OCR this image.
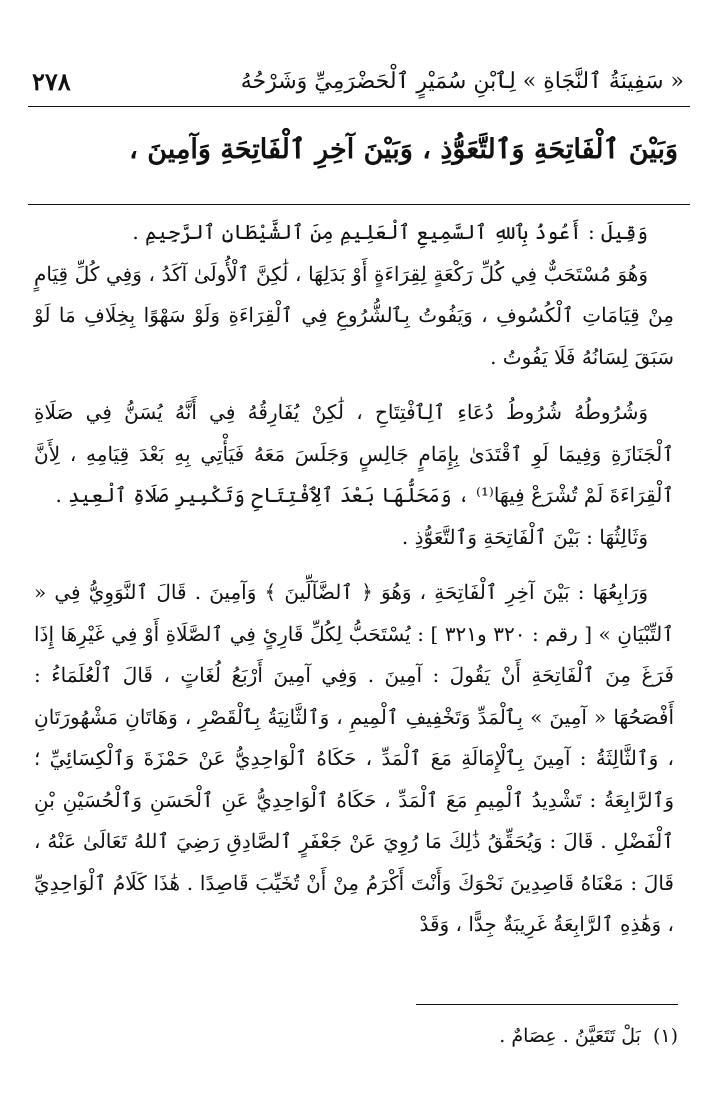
٢٧٨	« سَفِينَةُ ٱلنَّجَاةِ » لِٱبْنِ سُمَيْرٍ ٱلْحَضْرَمِيِّ وَشَرْحُهُ
وَبَيْنَ ٱلْفَاتِحَةِ وَٱلتَّعَوُّذِ ، وَبَيْنَ آخِرِ ٱلْفَاتِحَةِ وَآمِينَ ،

وَقِيلَ : أَعُوذُ بِٱللهِ ٱلسَّمِيعِ ٱلْعَلِيمِ مِنَ ٱلشَّيْطَانِ ٱلرَّجِيمِ .

وَهُوَ مُسْتَحَبٌّ فِي كُلِّ رَكْعَةٍ لِقِرَاءَةٍ أَوْ بَدَلِهَا ، لَٰكِنَّ ٱلْأُولَىٰ آكَدُ ، وَفِي كُلِّ قِيَامٍ مِنْ قِيَامَاتِ ٱلْكُسُوفِ ، وَيَفُوتُ بِٱلشُّرُوعِ فِي ٱلْقِرَاءَةِ وَلَوْ سَهْوًا بِخِلَافِ مَا لَوْ سَبَقَ لِسَانُهُ فَلَا يَفُوتُ .

وَشُرُوطُهُ شُرُوطُ دُعَاءِ ٱلِٱفْتِتَاحِ ، لَٰكِنْ يُفَارِقُهُ فِي أَنَّهُ يُسَنُّ فِي صَلَاةِ ٱلْجَنَازَةِ وَفِيمَا لَوِ ٱقْتَدَىٰ بِإِمَامٍ جَالِسٍ وَجَلَسَ مَعَهُ فَيَأْتِي بِهِ بَعْدَ قِيَامِهِ ، لِأَنَّ ٱلْقِرَاءَةَ لَمْ تُشْرَعْ فِيهَا⁽¹⁾ ، وَمَحَلُّهَا بَعْدَ ٱلِٱفْتِتَاحِ وَتَكْبِيرِ صَلَاةِ ٱلْعِيدِ .

وَثَالِثُهَا : بَيْنَ ٱلْفَاتِحَةِ وَٱلتَّعَوُّذِ .

وَرَابِعُهَا : بَيْنَ آخِرِ ٱلْفَاتِحَةِ ، وَهُوَ ﴿ ٱلضَّآلِّينَ ﴾ وَآمِينَ . قَالَ ٱلنَّوَوِيُّ فِي « ٱلتِّبْيَانِ » [ رقم : ٣٢٠ و٣٢١ ] : يُسْتَحَبُّ لِكُلِّ قَارِئٍ فِي ٱلصَّلَاةِ أَوْ فِي غَيْرِهَا إِذَا فَرَغَ مِنَ ٱلْفَاتِحَةِ أَنْ يَقُولَ : آمِينَ . وَفِي آمِينَ أَرْبَعُ لُغَاتٍ ، قَالَ ٱلْعُلَمَاءُ : أَفْصَحُهَا « آمِينَ » بِٱلْمَدِّ وَتَخْفِيفِ ٱلْمِيمِ ، وَٱلثَّانِيَةُ بِٱلْقَصْرِ ، وَهَاتَانِ مَشْهُورَتَانِ ، وَٱلثَّالِثَةُ : آمِينَ بِٱلْإِمَالَةِ مَعَ ٱلْمَدِّ ، حَكَاهُ ٱلْوَاحِدِيُّ عَنْ حَمْزَةَ وَٱلْكِسَائِيِّ ؛ وَٱلرَّابِعَةُ : تَشْدِيدُ ٱلْمِيمِ مَعَ ٱلْمَدِّ ، حَكَاهُ ٱلْوَاحِدِيُّ عَنِ ٱلْحَسَنِ وَٱلْحُسَيْنِ بْنِ ٱلْفَضْلِ . قَالَ : وَيُحَقِّقُ ذَٰلِكَ مَا رُوِيَ عَنْ جَعْفَرٍ ٱلصَّادِقِ رَضِيَ ٱللهُ تَعَالَىٰ عَنْهُ ، قَالَ : مَعْنَاهُ قَاصِدِينَ نَحْوَكَ وَأَنْتَ أَكْرَمُ مِنْ أَنْ تُخَيِّبَ قَاصِدًا . هَٰذَا كَلَامُ ٱلْوَاحِدِيِّ ، وَهَٰذِهِ ٱلرَّابِعَةُ غَرِيبَةٌ جِدًّا ، وَقَدْ

(١)بَلْ تَتَعَيَّنُ . عِصَامٌ .
